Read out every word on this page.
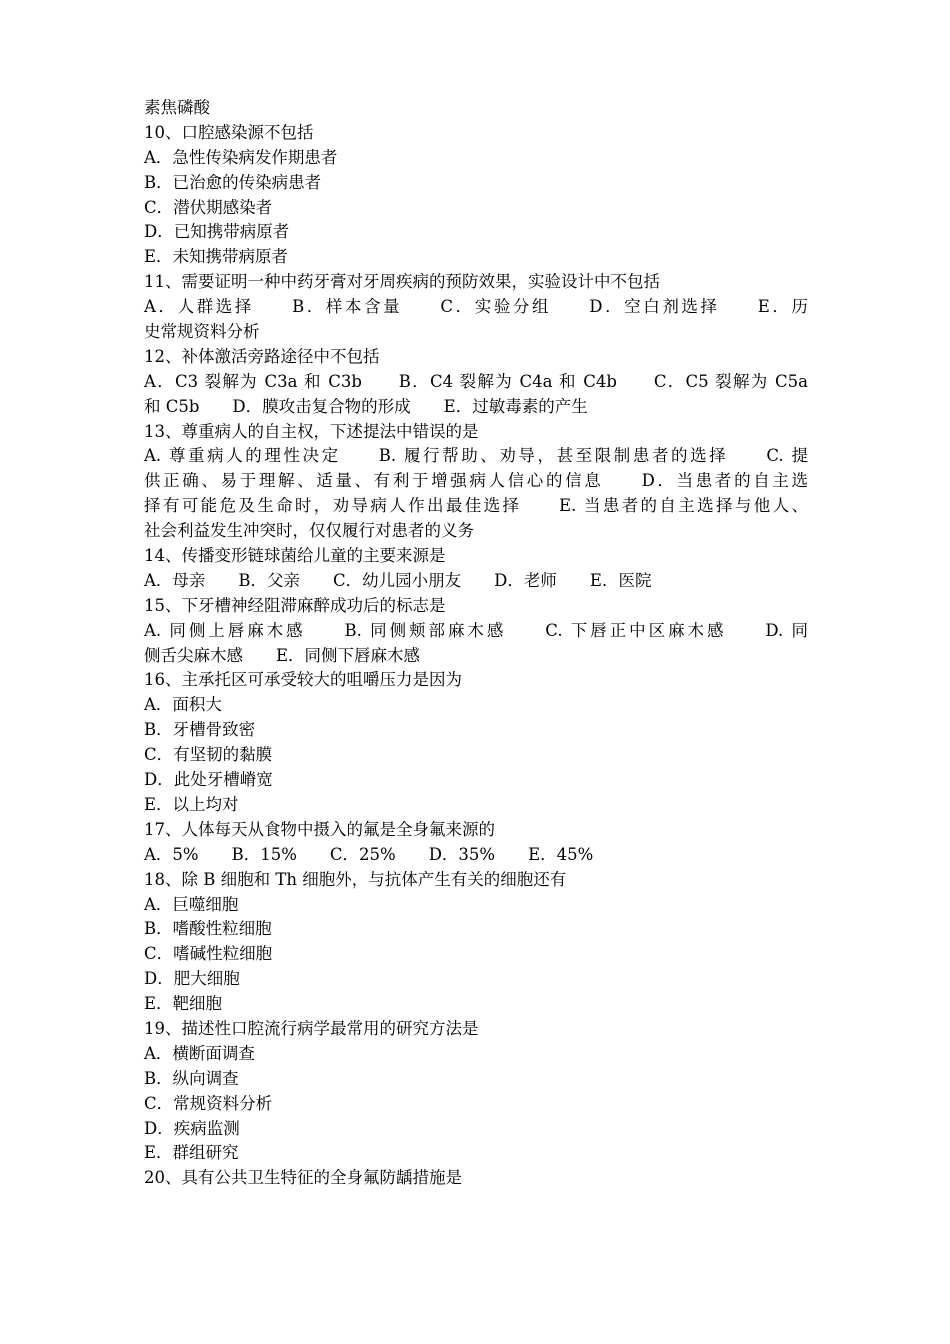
素焦磷酸
10、口腔感染源不包括
A．急性传染病发作期患者
B．已治愈的传染病患者
C．潜伏期感染者
D．已知携带病原者
E．未知携带病原者
11、需要证明一种中药牙膏对牙周疾病的预防效果，实验设计中不包括
A．人群选择　　B．样本含量　　C．实验分组　　D．空白剂选择　　E．历
史常规资料分析
12、补体激活旁路途径中不包括
A．C3 裂解为 C3a 和 C3b　　B．C4 裂解为 C4a 和 C4b　　C．C5 裂解为 C5a
和 C5b　　D．膜攻击复合物的形成　　E．过敏毒素的产生
13、尊重病人的自主权，下述提法中错误的是
A. 尊重病人的理性决定　　B. 履行帮助、劝导，甚至限制患者的选择　　C. 提
供正确、易于理解、适量、有利于增强病人信心的信息　　D．当患者的自主选
择有可能危及生命时，劝导病人作出最佳选择　　E. 当患者的自主选择与他人、
社会利益发生冲突时，仅仅履行对患者的义务
14、传播变形链球菌给儿童的主要来源是
A．母亲　　B．父亲　　C．幼儿园小朋友　　D．老师　　E．医院
15、下牙槽神经阻滞麻醉成功后的标志是
A. 同侧上唇麻木感　　B. 同侧颊部麻木感　　C. 下唇正中区麻木感　　D. 同
侧舌尖麻木感　　E．同侧下唇麻木感
16、主承托区可承受较大的咀嚼压力是因为
A．面积大
B．牙槽骨致密
C．有坚韧的黏膜
D．此处牙槽嵴宽
E．以上均对
17、人体每天从食物中摄入的氟是全身氟来源的
A．5%　　B．15%　　C．25%　　D．35%　　E．45%
18、除 B 细胞和 Th 细胞外，与抗体产生有关的细胞还有
A．巨噬细胞
B．嗜酸性粒细胞
C．嗜碱性粒细胞
D．肥大细胞
E．靶细胞
19、描述性口腔流行病学最常用的研究方法是
A．横断面调查
B．纵向调查
C．常规资料分析
D．疾病监测
E．群组研究
20、具有公共卫生特征的全身氟防龋措施是
